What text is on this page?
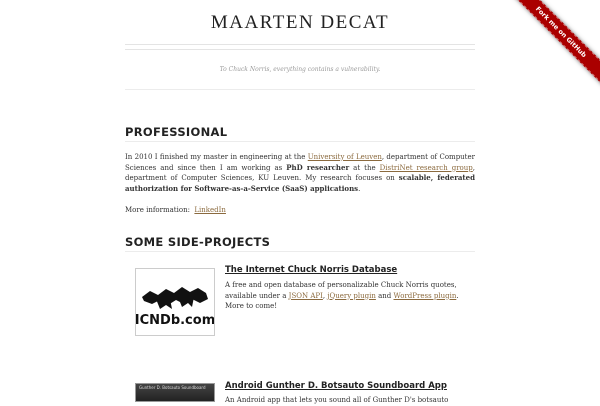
MAARTEN DECAT
To Chuck Norris, everything contains a vulnerability.
Fork me on GitHub
PROFESSIONAL

In 2010 I finished my master in engineering at the University of Leuven, department of Computer Sciences and since then I am working as PhD researcher at the DistriNet research group, department of Computer Sciences, KU Leuven. My research focuses on scalable, federated authorization for Software-as-a-Service (SaaS) applications.

More information: LinkedIn

SOME SIDE-PROJECTS
ICNDb.com
The Internet Chuck Norris Database

A free and open database of personalizable Chuck Norris quotes, available under a JSON API, jQuery plugin and WordPress plugin. More to come!

Gunther D. Botsauto Soundboard	Android Gunther D. Botsauto Soundboard App

An Android app that lets you sound all of Gunther D's botsauto
